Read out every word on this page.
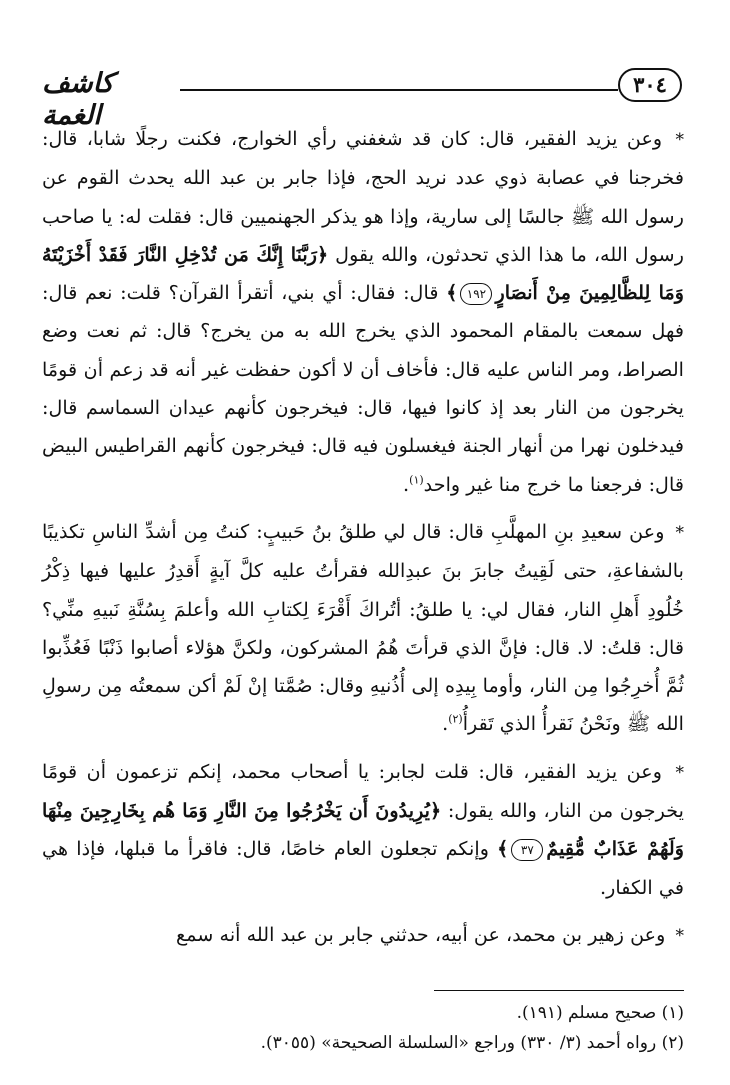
٣٠٤
كاشف الغمة

* وعن يزيد الفقير، قال: كان قد شغفني رأي الخوارج، فكنت رجلًا شابا، قال: فخرجنا في عصابة ذوي عدد نريد الحج، فإذا جابر بن عبد الله يحدث القوم عن رسول الله ﷺ جالسًا إلى سارية، وإذا هو يذكر الجهنميين قال: فقلت له: يا صاحب رسول الله، ما هذا الذي تحدثون، والله يقول ﴿رَبَّنَا إِنَّكَ مَن تُدْخِلِ النَّارَ فَقَدْ أَخْزَيْتَهُ وَمَا لِلظَّالِمِينَ مِنْ أَنصَارٍ١٩٢﴾ قال: فقال: أي بني، أتقرأ القرآن؟ قلت: نعم قال: فهل سمعت بالمقام المحمود الذي يخرج الله به من يخرج؟ قال: ثم نعت وضع الصراط، ومر الناس عليه قال: فأخاف أن لا أكون حفظت غير أنه قد زعم أن قومًا يخرجون من النار بعد إذ كانوا فيها، قال: فيخرجون كأنهم عيدان السماسم قال: فيدخلون نهرا من أنهار الجنة فيغسلون فيه قال: فيخرجون كأنهم القراطيس البيض قال: فرجعنا ما خرج منا غير واحد$^{(١)}$.

* وعن سعيدِ بنِ المهلَّبِ قال: قال لي طلقُ بنُ حَبيبٍ: كنتُ مِن أشدِّ الناسِ تكذيبًا بالشفاعةِ، حتى لَقِيتُ جابرَ بنَ عبدِالله فقرأتُ عليه كلَّ آيةٍ أَقدِرُ عليها فيها ذِكْرُ خُلُودِ أَهلِ النار، فقال لي: يا طلقُ: أتُراكَ أَقْرَءَ لِكتابِ الله وأعلمَ بِسُنَّةِ نَبيهِ منِّي؟ قال: قلتُ: لا. قال: فإنَّ الذي قرأتَ هُمُ المشركون، ولكنَّ هؤلاء أصابوا ذَنْبًا فَعُذِّبوا ثُمَّ أُخرِجُوا مِن النار، وأوما بِيدِه إلى أُذُنيهِ وقال: صُمَّتا إنْ لَمْ أكن سمعتُه مِن رسولِ الله ﷺ ونَحْنُ نَقرأُ الذي تَقرأُ$^{(٢)}$.

* وعن يزيد الفقير، قال: قلت لجابر: يا أصحاب محمد، إنكم تزعمون أن قومًا يخرجون من النار، والله يقول: ﴿يُرِيدُونَ أَن يَخْرُجُوا مِنَ النَّارِ وَمَا هُم بِخَارِجِينَ مِنْهَا وَلَهُمْ عَذَابٌ مُّقِيمٌ٣٧﴾ وإنكم تجعلون العام خاصًا، قال: فاقرأ ما قبلها، فإذا هي في الكفار.

* وعن زهير بن محمد، عن أبيه، حدثني جابر بن عبد الله أنه سمع

(١) صحيح مسلم (١٩١).
(٢) رواه أحمد (٣/ ٣٣٠) وراجع «السلسلة الصحيحة» (٣٠٥٥).
